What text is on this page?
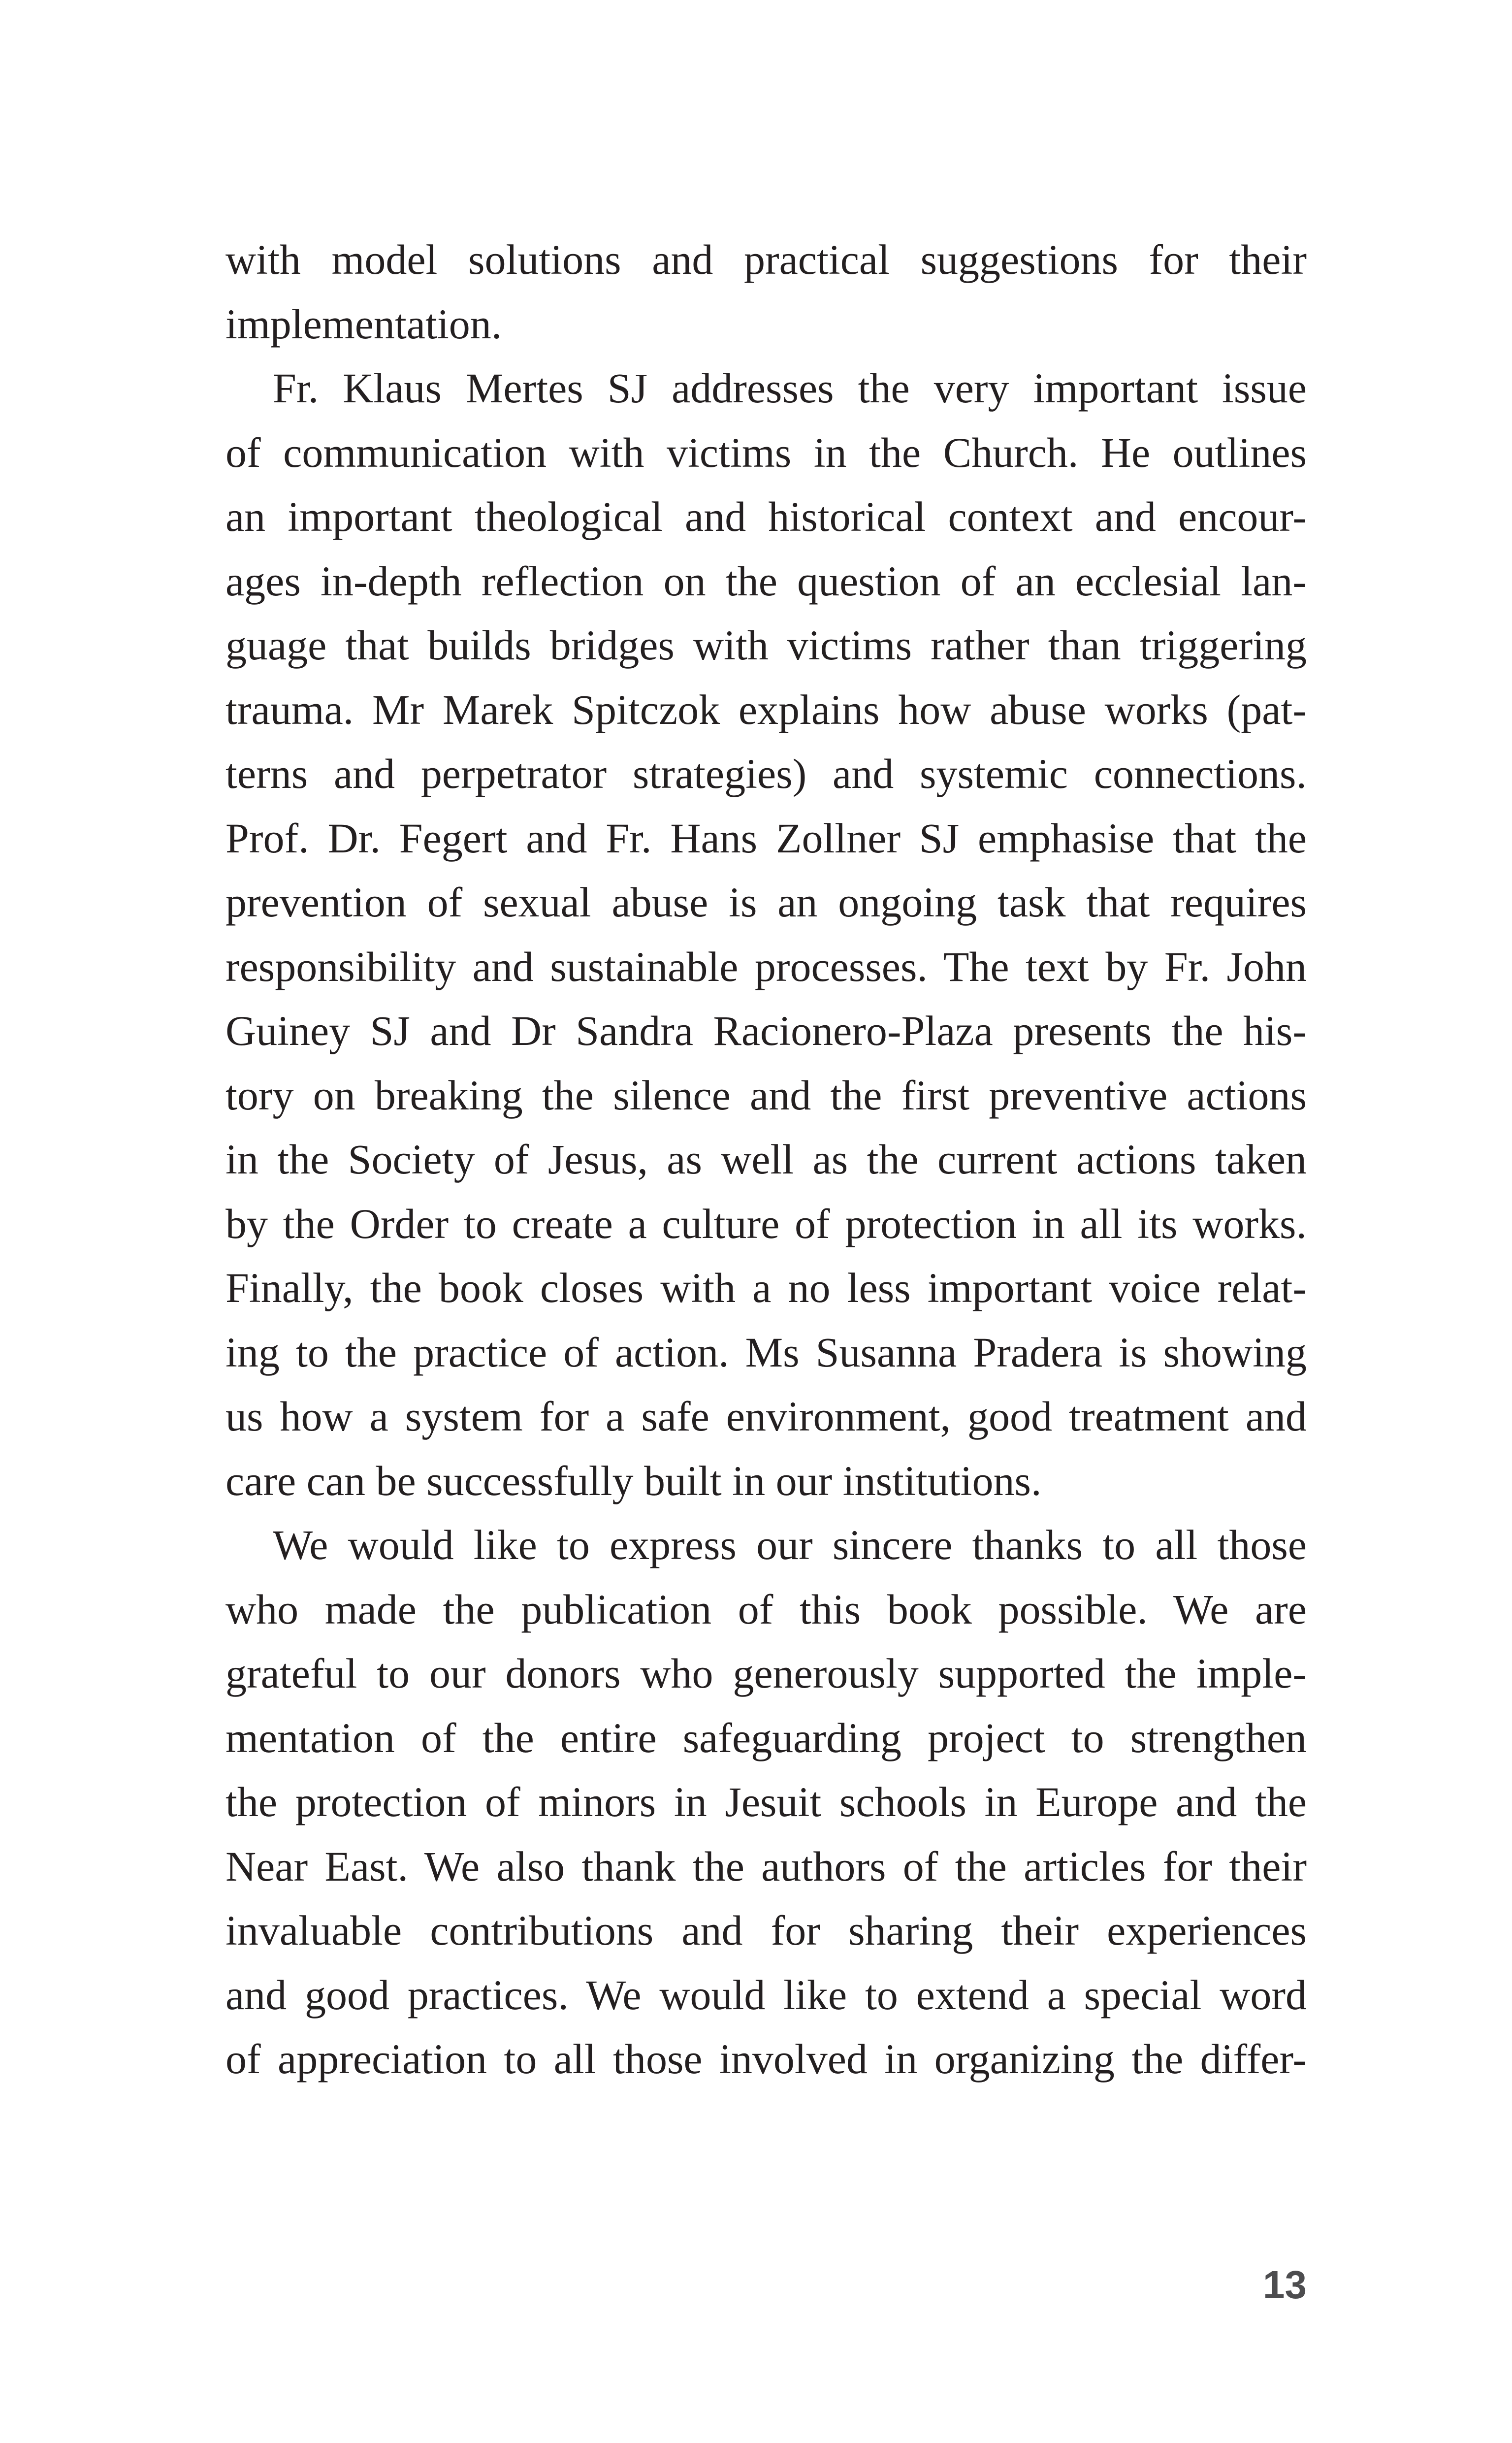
with model solutions and practical suggestions for their
implementation.
Fr. Klaus Mertes SJ addresses the very important issue
of communication with victims in the Church. He outlines
an important theological and historical context and encour-
ages in-depth reflection on the question of an ecclesial lan-
guage that builds bridges with victims rather than triggering
trauma. Mr Marek Spitczok explains how abuse works (pat-
terns and perpetrator strategies) and systemic connections.
Prof. Dr. Fegert and Fr. Hans Zollner SJ emphasise that the
prevention of sexual abuse is an ongoing task that requires
responsibility and sustainable processes. The text by Fr. John
Guiney SJ and Dr Sandra Racionero-Plaza presents the his-
tory on breaking the silence and the first preventive actions
in the Society of Jesus, as well as the current actions taken
by the Order to create a culture of protection in all its works.
Finally, the book closes with a no less important voice relat-
ing to the practice of action. Ms Susanna Pradera is showing
us how a system for a safe environment, good treatment and
care can be successfully built in our institutions.
We would like to express our sincere thanks to all those
who made the publication of this book possible. We are
grateful to our donors who generously supported the imple-
mentation of the entire safeguarding project to strengthen
the protection of minors in Jesuit schools in Europe and the
Near East. We also thank the authors of the articles for their
invaluable contributions and for sharing their experiences
and good practices. We would like to extend a special word
of appreciation to all those involved in organizing the differ-
13
